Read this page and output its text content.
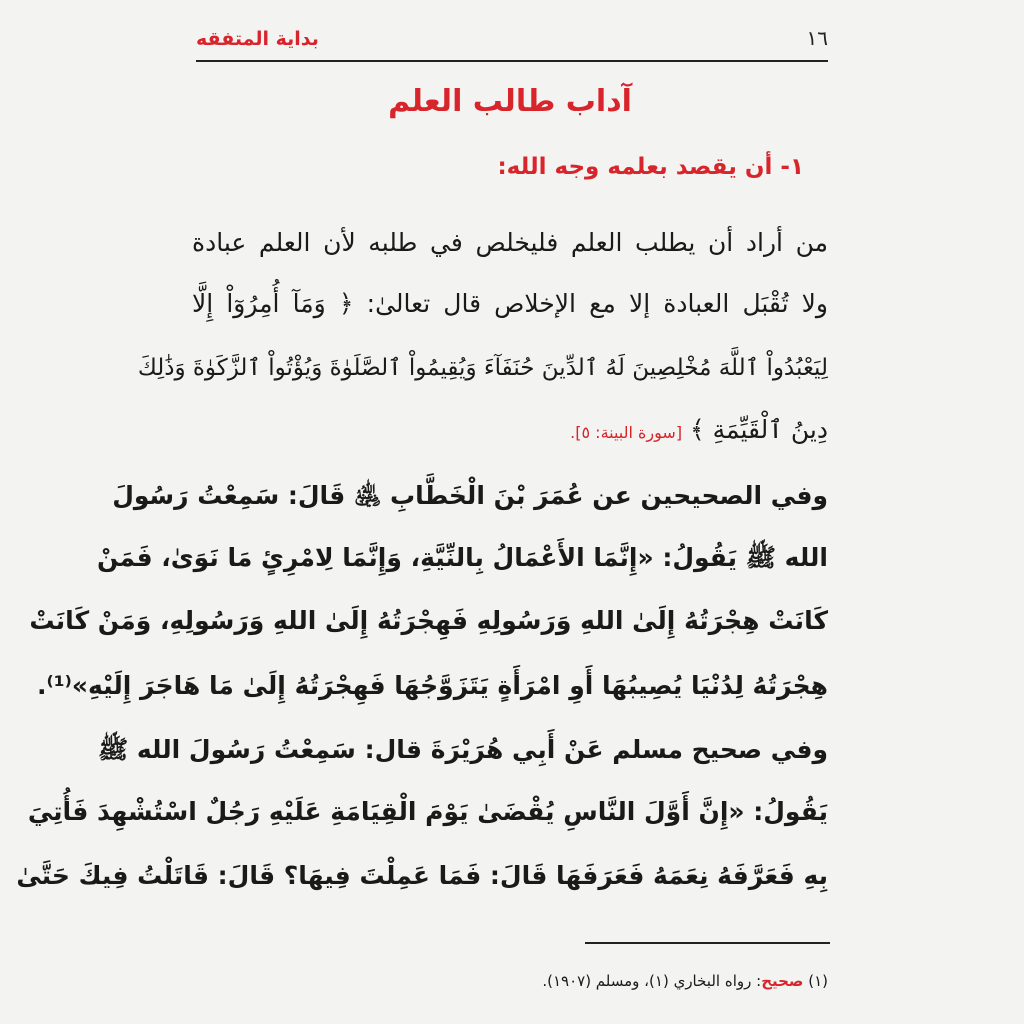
بداية المتفقه	١٦
آداب طالب العلم
١- أن يقصد بعلمه وجه الله:
من أراد أن يطلب العلم فليخلص في طلبه لأن العلم عبادة
ولا تُقْبَل العبادة إلا مع الإخلاص قال تعالىٰ: ﴿ وَمَآ أُمِرُوٓاْ إِلَّا
لِيَعْبُدُواْ ٱللَّهَ مُخْلِصِينَ لَهُ ٱلدِّينَ حُنَفَآءَ وَيُقِيمُواْ ٱلصَّلَوٰةَ وَيُؤْتُواْ ٱلزَّكَوٰةَ وَذَٰلِكَ
دِينُ ٱلْقَيِّمَةِ ﴾ [سورة البينة: ٥].
وفي الصحيحين عن عُمَرَ بْنَ الْخَطَّابِ ﵁ قَالَ: سَمِعْتُ رَسُولَ
الله ﷺ يَقُولُ: «إِنَّمَا الأَعْمَالُ بِالنِّيَّةِ، وَإِنَّمَا لِامْرِئٍ مَا نَوَىٰ، فَمَنْ
كَانَتْ هِجْرَتُهُ إِلَىٰ اللهِ وَرَسُولِهِ فَهِجْرَتُهُ إِلَىٰ اللهِ وَرَسُولِهِ، وَمَنْ كَانَتْ
هِجْرَتُهُ لِدُنْيَا يُصِيبُهَا أَوِ امْرَأَةٍ يَتَزَوَّجُهَا فَهِجْرَتُهُ إِلَىٰ مَا هَاجَرَ إِلَيْهِ»⁽¹⁾.
وفي صحيح مسلم عَنْ أَبِي هُرَيْرَةَ قال: سَمِعْتُ رَسُولَ الله ﷺ
يَقُولُ: «إِنَّ أَوَّلَ النَّاسِ يُقْضَىٰ يَوْمَ الْقِيَامَةِ عَلَيْهِ رَجُلٌ اسْتُشْهِدَ فَأُتِيَ
بِهِ فَعَرَّفَهُ نِعَمَهُ فَعَرَفَهَا قَالَ: فَمَا عَمِلْتَ فِيهَا؟ قَالَ: قَاتَلْتُ فِيكَ حَتَّىٰ
(١) صحيح: رواه البخاري (١)، ومسلم (١٩٠٧).
